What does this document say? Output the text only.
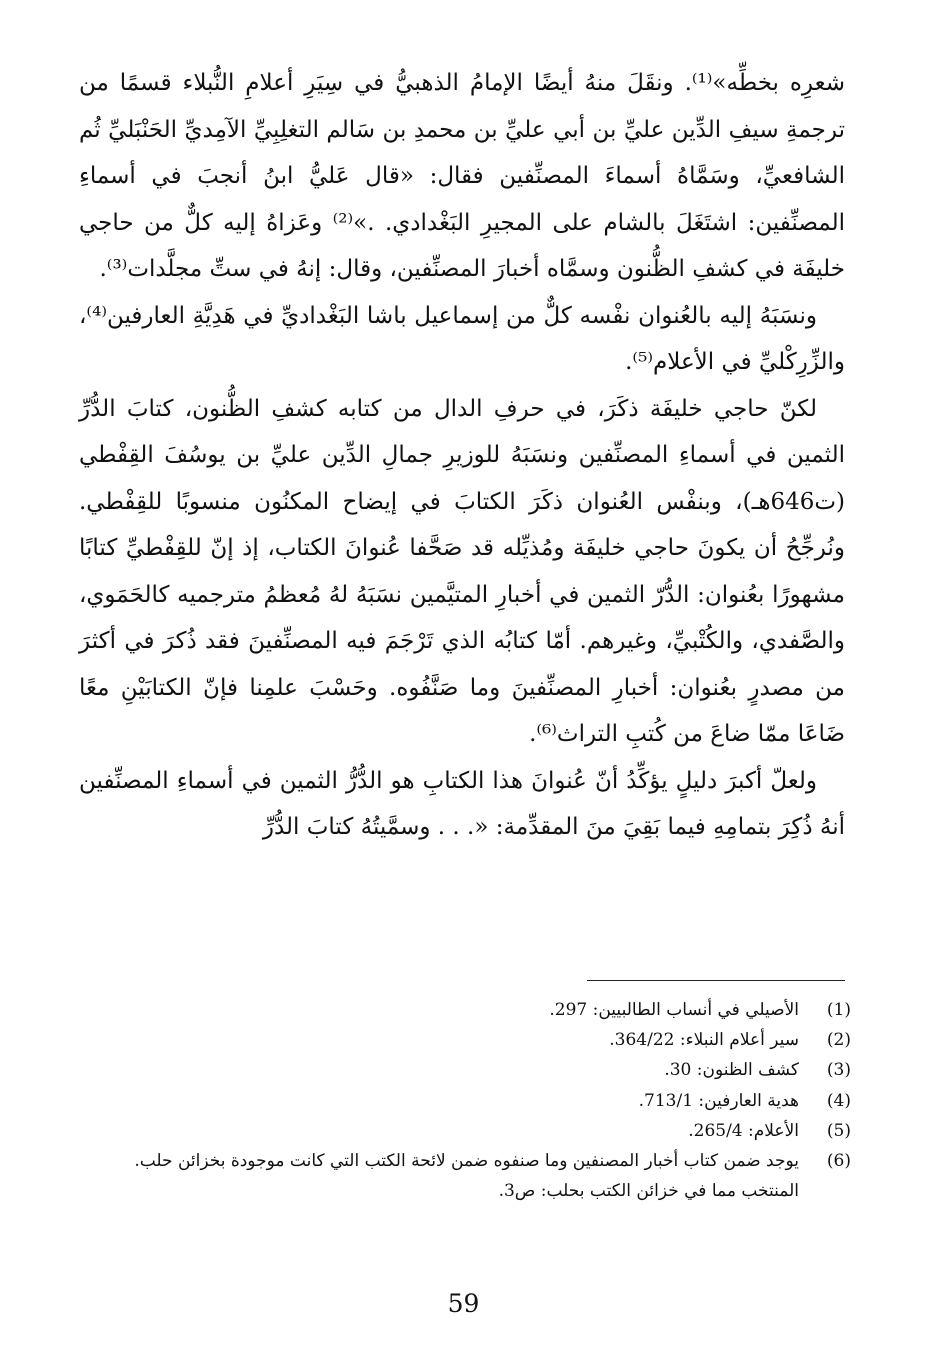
شعرِه بخطِّه»⁽¹⁾. ونقَلَ منهُ أيضًا الإمامُ الذهبيُّ في سِيَرِ أعلامِ النُّبلاء قسمًا من ترجمةِ سيفِ الدِّين عليِّ بن أبي عليِّ بن محمدِ بن سَالم التغلِبِيِّ الآمِديِّ الحَنْبَليِّ ثُم الشافعيِّ، وسَمَّاهُ أسماءَ المصنِّفين فقال: «قال عَليُّ ابنُ أنجبَ في أسماءِ المصنِّفين: اشتَغَلَ بالشام على المجيرِ البَغْدادي. .»⁽²⁾ وعَزاهُ إليه كلٌّ من حاجي خليفَة في كشفِ الظُّنون وسمَّاه أخبارَ المصنِّفين، وقال: إنهُ في ستِّ مجلَّدات⁽³⁾.

ونسَبَهُ إليه بالعُنوان نفْسه كلٌّ من إسماعيل باشا البَغْداديِّ في هَدِيَّةِ العارفين⁽⁴⁾، والزِّرِكْليِّ في الأعلام⁽⁵⁾.

لكنّ حاجي خليفَة ذكَرَ، في حرفِ الدال من كتابه كشفِ الظُّنون، كتابَ الدُّرِّ الثمين في أسماءِ المصنِّفين ونسَبَهُ للوزيرِ جمالِ الدِّين عليِّ بن يوسُفَ القِفْطي (ت646هـ)، وبنفْس العُنوان ذكَرَ الكتابَ في إيضاح المكنُون منسوبًا للقِفْطي. ونُرجِّحُ أن يكونَ حاجي خليفَة ومُذيِّله قد صَحَّفا عُنوانَ الكتاب، إذ إنّ للقِفْطيِّ كتابًا مشهورًا بعُنوان: الدُّرّ الثمين في أخبارِ المتيَّمين نسَبَهُ لهُ مُعظمُ مترجميه كالحَمَوي، والصَّفدي، والكُتْبيِّ، وغيرهم. أمّا كتابُه الذي تَرْجَمَ فيه المصنِّفينَ فقد ذُكرَ في أكثرَ من مصدرٍ بعُنوان: أخبارِ المصنِّفينَ وما صَنَّفُوه. وحَسْبَ علمِنا فإنّ الكتابَيْنِ معًا ضَاعَا ممّا ضاعَ من كُتبِ التراث⁽⁶⁾.

ولعلّ أكبرَ دليلٍ يؤكِّدُ أنّ عُنوانَ هذا الكتابِ هو الدُّرُّ الثمين في أسماءِ المصنِّفين أنهُ ذُكِرَ بتمامِهِ فيما بَقِيَ منَ المقدِّمة: «. . . وسمَّيتُهُ كتابَ الدُّرِّ

(1)
الأصيلي في أنساب الطالبيين: 297.
(2)
سير أعلام النبلاء: 364/22.
(3)
كشف الظنون: 30.
(4)
هدية العارفين: 713/1.
(5)
الأعلام: 265/4.
(6)
يوجد ضمن كتاب أخبار المصنفين وما صنفوه ضمن لائحة الكتب التي كانت موجودة بخزائن حلب. المنتخب مما في خزائن الكتب بحلب: ص3.
59
